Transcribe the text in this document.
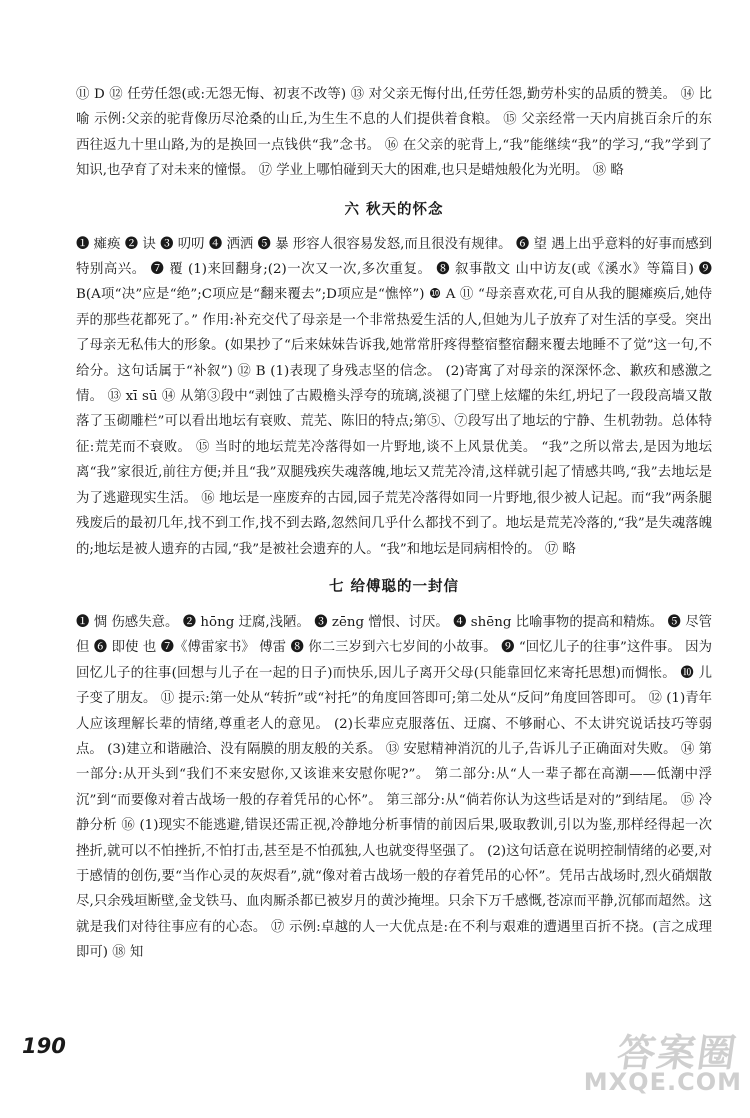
⑪ D ⑫ 任劳任怨(或:无怨无悔、初衷不改等) ⑬ 对父亲无悔付出,任劳任怨,勤劳朴实的品质的赞美。 ⑭ 比喻 示例:父亲的驼背像历尽沧桑的山丘,为生生不息的人们提供着食粮。 ⑮ 父亲经常一天内肩挑百余斤的东西往返九十里山路,为的是换回一点钱供“我”念书。 ⑯ 在父亲的驼背上,“我”能继续“我”的学习,“我”学到了知识,也孕育了对未来的憧憬。 ⑰ 学业上哪怕碰到天大的困难,也只是蜡烛般化为光明。 ⑱ 略

六 秋天的怀念

❶ 瘫痪 ❷ 诀 ❸ 叨叨 ❹ 洒洒 ❺ 暴 形容人很容易发怒,而且很没有规律。 ❻ 望 遇上出乎意料的好事而感到特别高兴。 ❼ 覆 (1)来回翻身;(2)一次又一次,多次重复。 ❽ 叙事散文 山中访友(或《溪水》等篇目) ❾ B(A项“决”应是“绝”;C项应是“翻来覆去”;D项应是“憔悴”) ❿ A ⑪ “母亲喜欢花,可自从我的腿瘫痪后,她侍弄的那些花都死了。” 作用:补充交代了母亲是一个非常热爱生活的人,但她为儿子放弃了对生活的享受。突出了母亲无私伟大的形象。(如果抄了“后来妹妹告诉我,她常常肝疼得整宿整宿翻来覆去地睡不了觉”这一句,不给分。这句话属于“补叙”) ⑫ B (1)表现了身残志坚的信念。 (2)寄寓了对母亲的深深怀念、歉疚和感激之情。 ⑬ xī sū ⑭ 从第③段中“剥蚀了古殿檐头浮夸的琉璃,淡褪了门壁上炫耀的朱红,坍圮了一段段高墙又散落了玉砌雕栏”可以看出地坛有衰败、荒芜、陈旧的特点;第⑤、⑦段写出了地坛的宁静、生机勃勃。总体特征:荒芜而不衰败。 ⑮ 当时的地坛荒芜冷落得如一片野地,谈不上风景优美。 “我”之所以常去,是因为地坛离“我”家很近,前往方便;并且“我”双腿残疾失魂落魄,地坛又荒芜冷清,这样就引起了情感共鸣,“我”去地坛是为了逃避现实生活。 ⑯ 地坛是一座废弃的古园,园子荒芜冷落得如同一片野地,很少被人记起。而“我”两条腿残废后的最初几年,找不到工作,找不到去路,忽然间几乎什么都找不到了。地坛是荒芜冷落的,“我”是失魂落魄的;地坛是被人遗弃的古园,“我”是被社会遗弃的人。“我”和地坛是同病相怜的。 ⑰ 略

七 给傅聪的一封信

❶ 惆 伤感失意。 ❷ hōng 迂腐,浅陋。 ❸ zēng 憎恨、讨厌。 ❹ shēng 比喻事物的提高和精炼。 ❺ 尽管 但 ❻ 即使 也 ❼《傅雷家书》 傅雷 ❽ 你二三岁到六七岁间的小故事。 ❾ “回忆儿子的往事”这件事。 因为回忆儿子的往事(回想与儿子在一起的日子)而快乐,因儿子离开父母(只能靠回忆来寄托思想)而惆怅。 ❿ 儿子变了朋友。 ⑪ 提示:第一处从“转折”或“衬托”的角度回答即可;第二处从“反问”角度回答即可。 ⑫ (1)青年人应该理解长辈的情绪,尊重老人的意见。 (2)长辈应克服落伍、迂腐、不够耐心、不太讲究说话技巧等弱点。 (3)建立和谐融洽、没有隔膜的朋友般的关系。 ⑬ 安慰精神消沉的儿子,告诉儿子正确面对失败。 ⑭ 第一部分:从开头到“我们不来安慰你,又该谁来安慰你呢?”。 第二部分:从“人一辈子都在高潮——低潮中浮沉”到“而要像对着古战场一般的存着凭吊的心怀”。 第三部分:从“倘若你认为这些话是对的”到结尾。 ⑮ 冷静分析 ⑯ (1)现实不能逃避,错误还需正视,冷静地分析事情的前因后果,吸取教训,引以为鉴,那样经得起一次挫折,就可以不怕挫折,不怕打击,甚至是不怕孤独,人也就变得坚强了。 (2)这句话意在说明控制情绪的必要,对于感情的创伤,要“当作心灵的灰烬看”,就“像对着古战场一般的存着凭吊的心怀”。凭吊古战场时,烈火硝烟散尽,只余残垣断壁,金戈铁马、血肉厮杀都已被岁月的黄沙掩埋。只余下万千感慨,苍凉而平静,沉郁而超然。这就是我们对待往事应有的心态。 ⑰ 示例:卓越的人一大优点是:在不利与艰难的遭遇里百折不挠。(言之成理即可) ⑱ 知

190	答案圈
MXQE.COM
